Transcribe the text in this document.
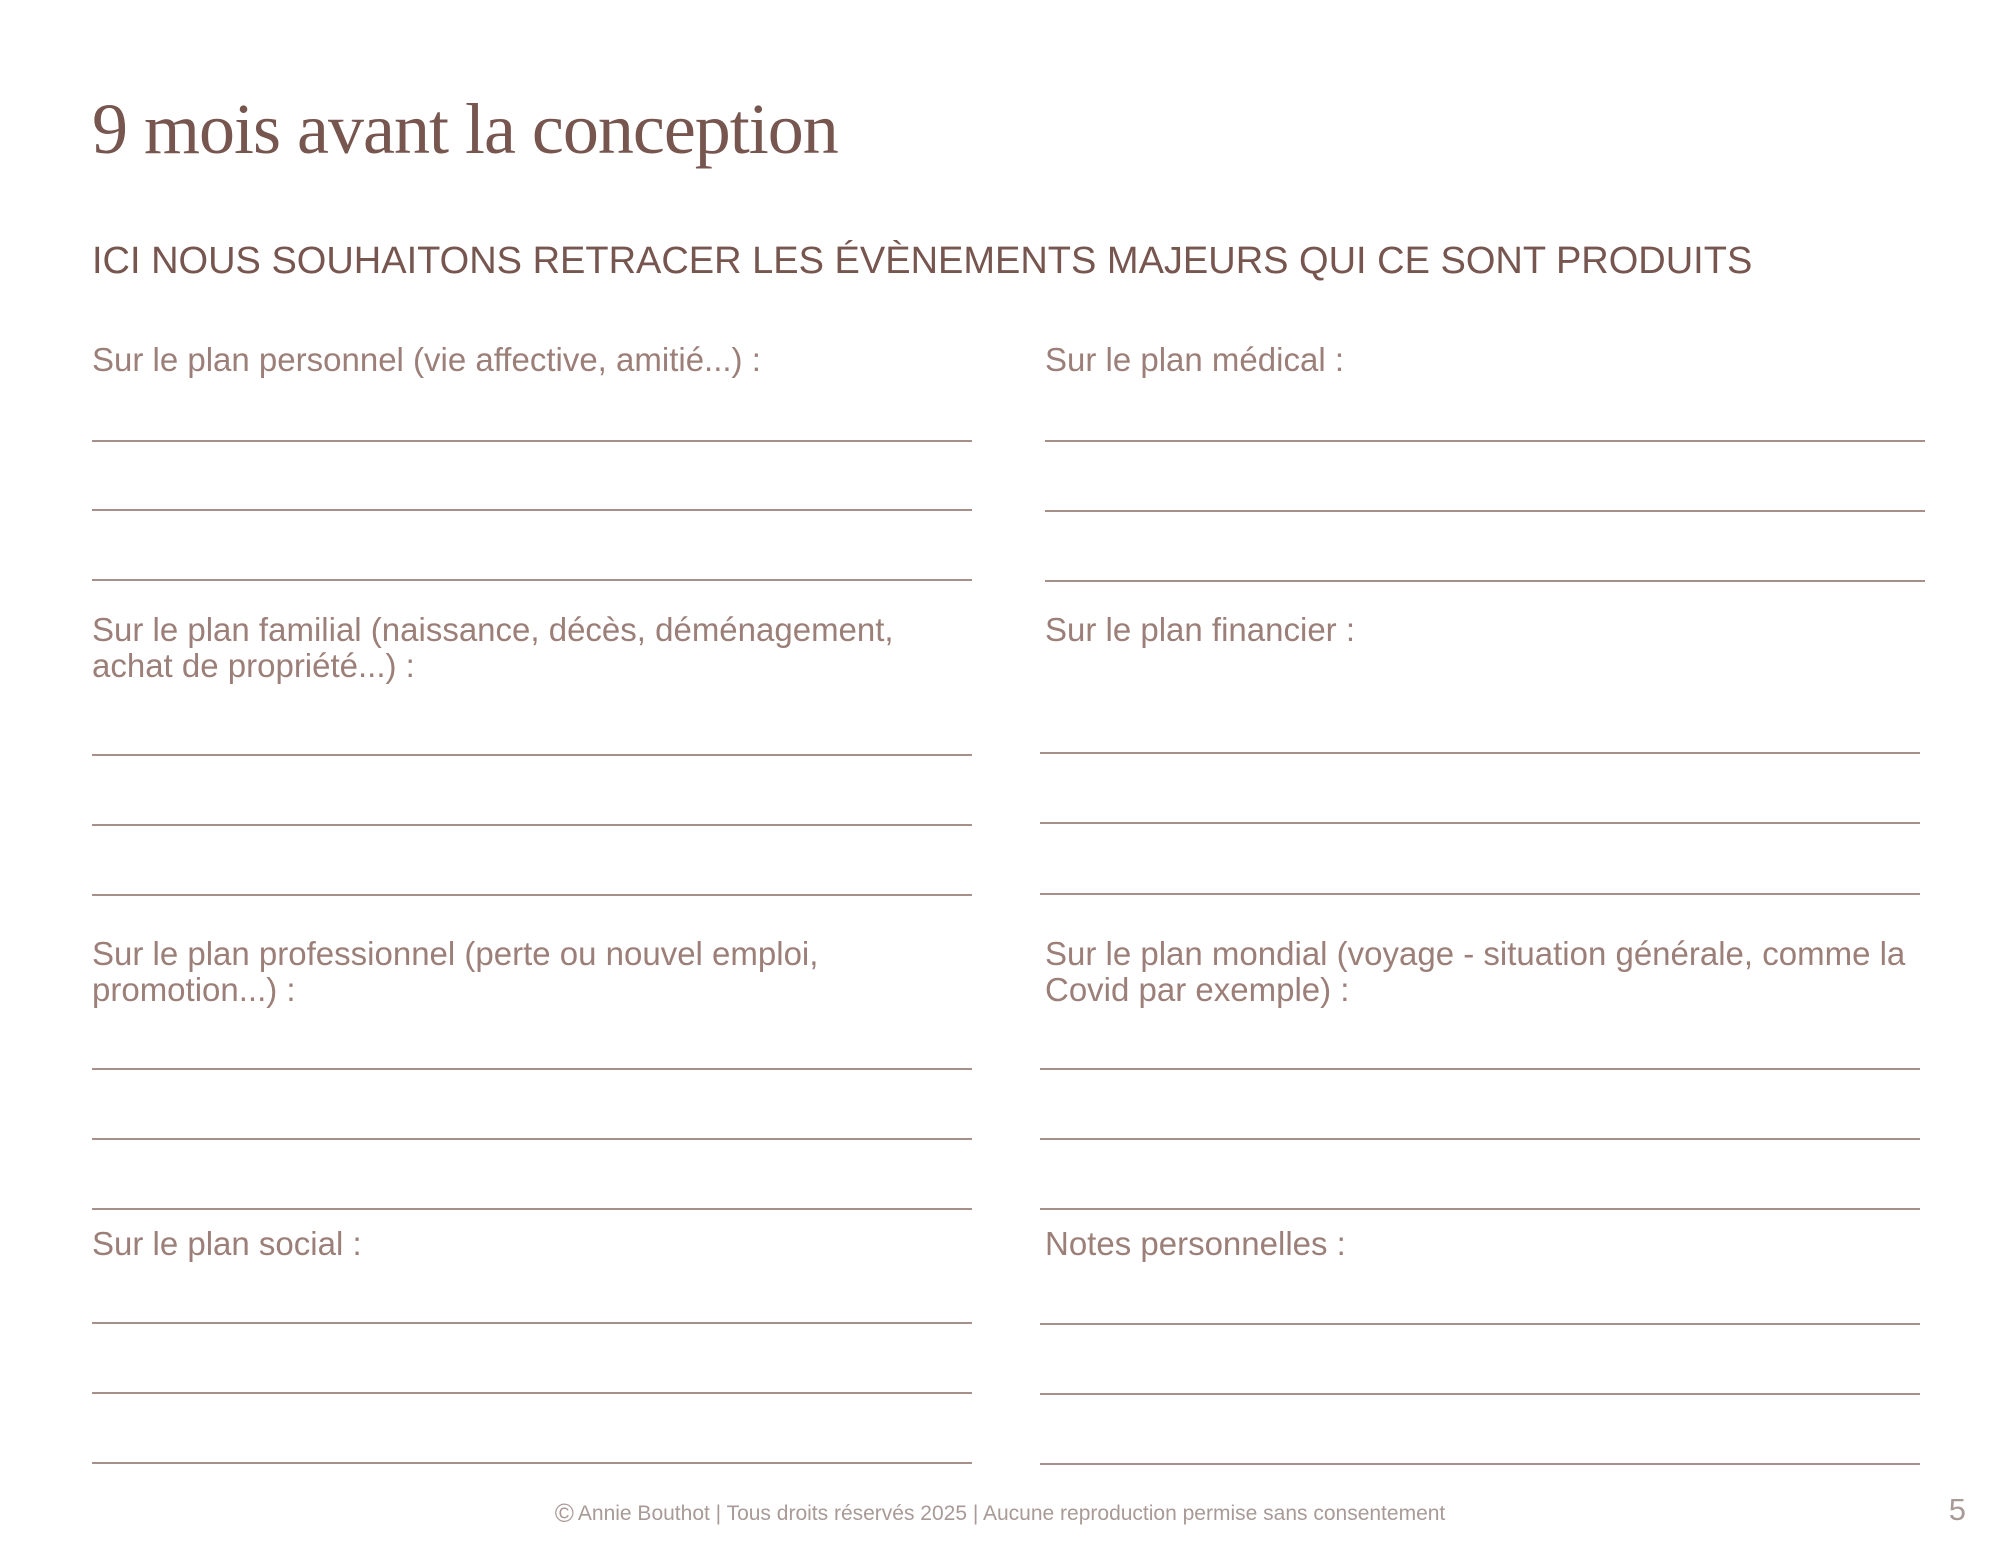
9 mois avant la conception
ICI NOUS SOUHAITONS RETRACER LES ÉVÈNEMENTS MAJEURS QUI CE SONT PRODUITS
Sur le plan personnel (vie affective, amitié...) :
Sur le plan familial (naissance, décès, déménagement, achat de propriété...) :
Sur le plan professionnel (perte ou nouvel emploi, promotion...) :
Sur le plan social :
Sur le plan médical :
Sur le plan financier :
Sur le plan mondial (voyage - situation générale, comme la Covid par exemple) :
Notes personnelles :
© Annie Bouthot | Tous droits réservés 2025 | Aucune reproduction permise sans consentement	5
